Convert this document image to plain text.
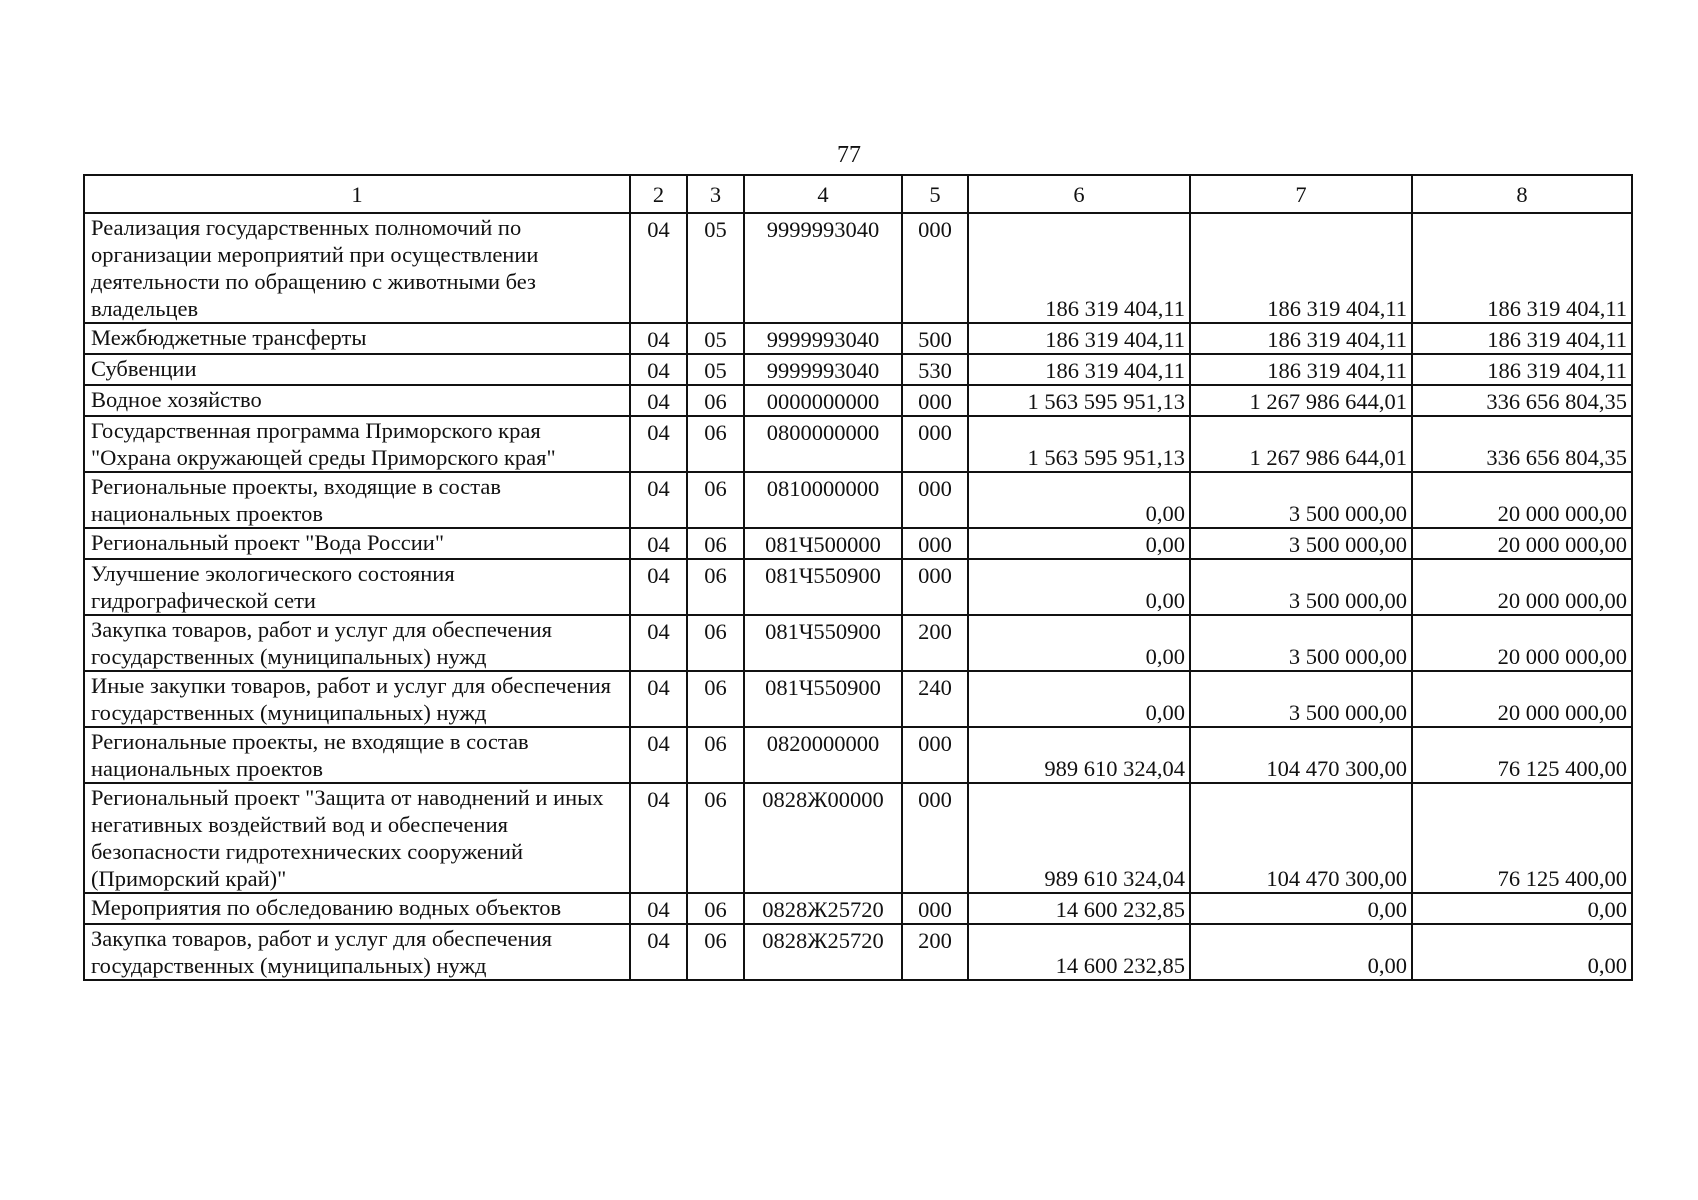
77
1	2	3	4	5	6	7	8
Реализация государственных полномочий по организации мероприятий при осуществлении деятельности по обращению с животными без владельцев	04	05	9999993040	000	186 319 404,11	186 319 404,11	186 319 404,11
Межбюджетные трансферты	04	05	9999993040	500	186 319 404,11	186 319 404,11	186 319 404,11
Субвенции	04	05	9999993040	530	186 319 404,11	186 319 404,11	186 319 404,11
Водное хозяйство	04	06	0000000000	000	1 563 595 951,13	1 267 986 644,01	336 656 804,35
Государственная программа Приморского края "Охрана окружающей среды Приморского края"	04	06	0800000000	000	1 563 595 951,13	1 267 986 644,01	336 656 804,35
Региональные проекты, входящие в состав национальных проектов	04	06	0810000000	000	0,00	3 500 000,00	20 000 000,00
Региональный проект "Вода России"	04	06	081Ч500000	000	0,00	3 500 000,00	20 000 000,00
Улучшение экологического состояния гидрографической сети	04	06	081Ч550900	000	0,00	3 500 000,00	20 000 000,00
Закупка товаров, работ и услуг для обеспечения государственных (муниципальных) нужд	04	06	081Ч550900	200	0,00	3 500 000,00	20 000 000,00
Иные закупки товаров, работ и услуг для обеспечения государственных (муниципальных) нужд	04	06	081Ч550900	240	0,00	3 500 000,00	20 000 000,00
Региональные проекты, не входящие в состав национальных проектов	04	06	0820000000	000	989 610 324,04	104 470 300,00	76 125 400,00
Региональный проект "Защита от наводнений и иных негативных воздействий вод и обеспечения безопасности гидротехнических сооружений (Приморский край)"	04	06	0828Ж00000	000	989 610 324,04	104 470 300,00	76 125 400,00
Мероприятия по обследованию водных объектов	04	06	0828Ж25720	000	14 600 232,85	0,00	0,00
Закупка товаров, работ и услуг для обеспечения государственных (муниципальных) нужд	04	06	0828Ж25720	200	14 600 232,85	0,00	0,00
